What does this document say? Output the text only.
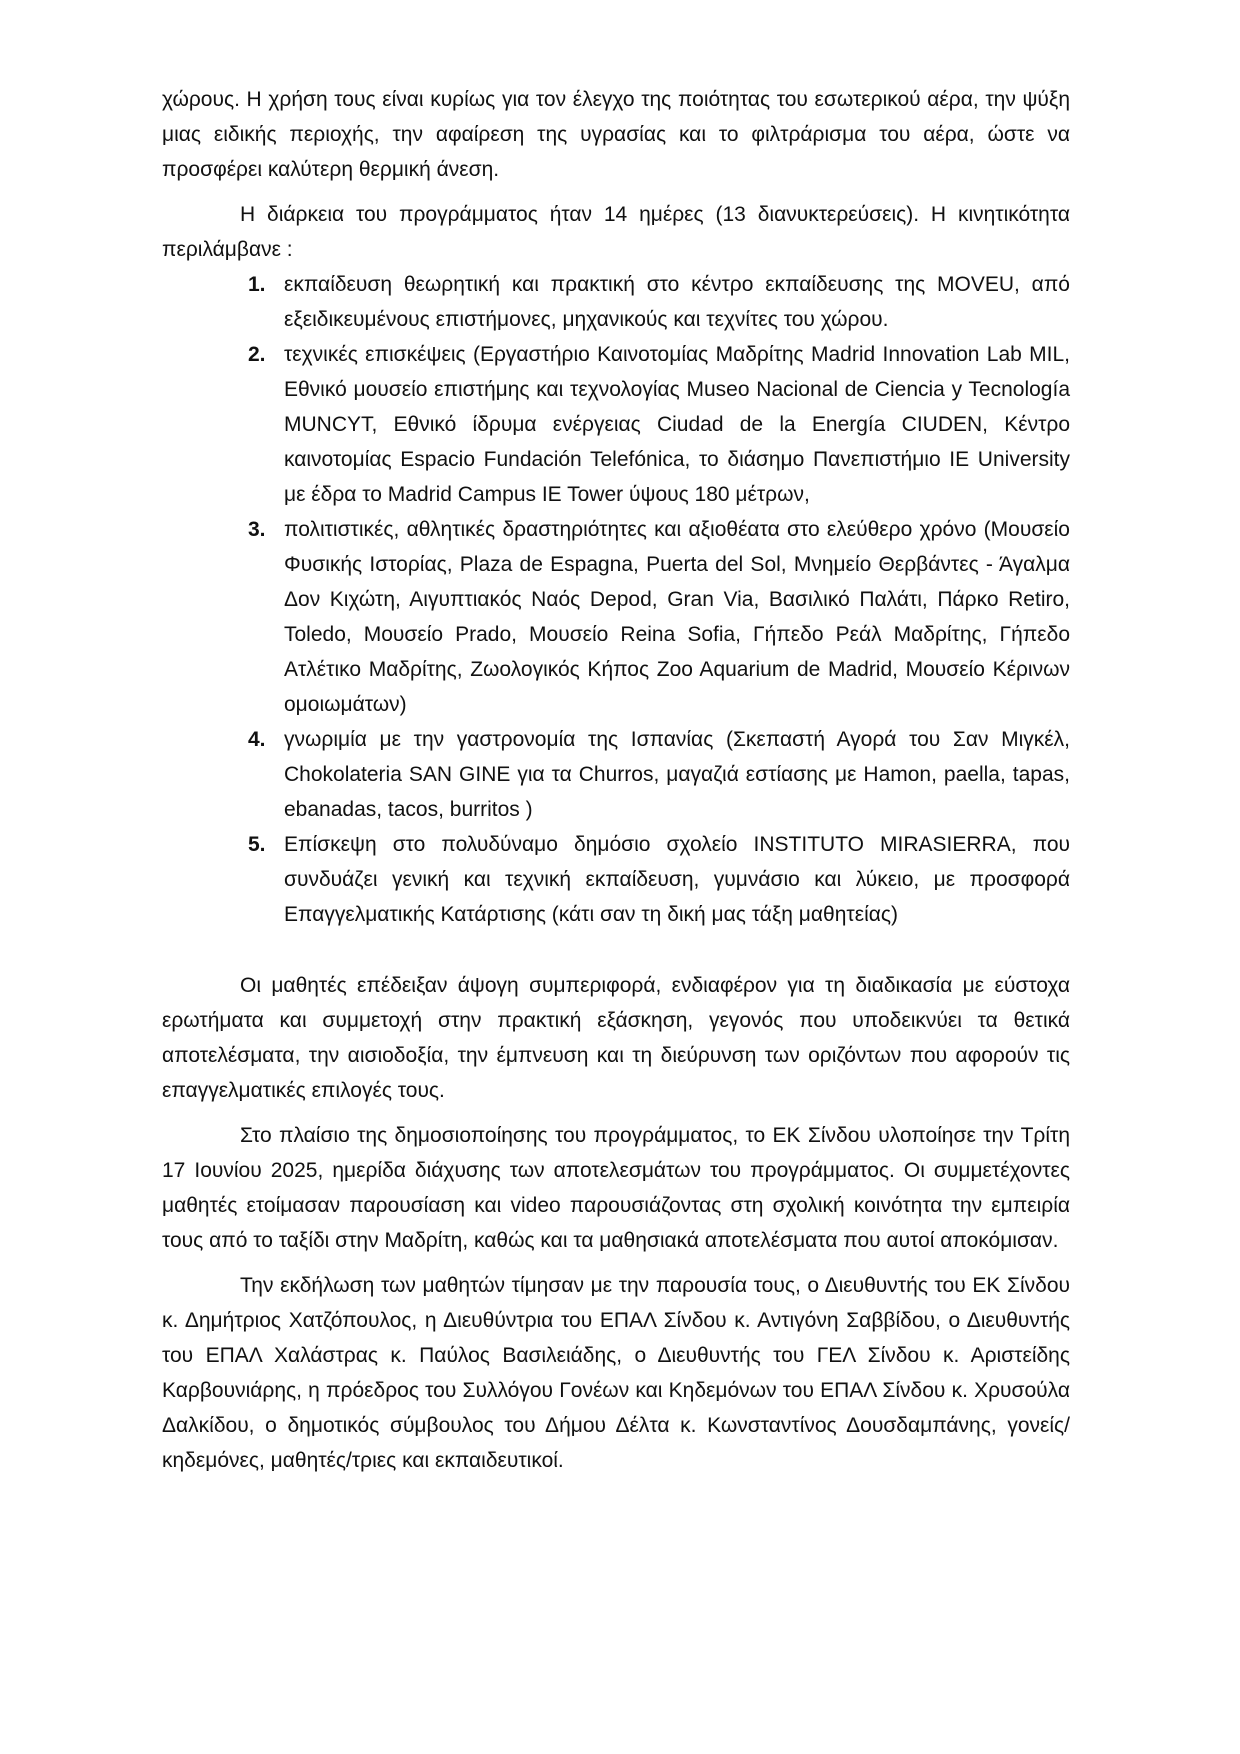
χώρους. Η χρήση τους είναι κυρίως για τον έλεγχο της ποιότητας του εσωτερικού αέρα, την ψύξη μιας ειδικής περιοχής, την αφαίρεση της υγρασίας και το φιλτράρισμα του αέρα, ώστε να προσφέρει καλύτερη θερμική άνεση.

Η διάρκεια του προγράμματος ήταν 14 ημέρες (13 διανυκτερεύσεις). Η κινητικότητα περιλάμβανε :

1. εκπαίδευση θεωρητική και πρακτική στο κέντρο εκπαίδευσης της MOVEU, από εξειδικευμένους επιστήμονες, μηχανικούς και τεχνίτες του χώρου.
2. τεχνικές επισκέψεις (Εργαστήριο Καινοτομίας Μαδρίτης Madrid Innovation Lab MIL, Εθνικό μουσείο επιστήμης και τεχνολογίας Museo Nacional de Ciencia y Tecnología MUNCYT, Εθνικό ίδρυμα ενέργειας Ciudad de la Energía CIUDEN, Κέντρο καινοτομίας Espacio Fundación Telefónica, το διάσημο Πανεπιστήμιο IE University με έδρα το Madrid Campus IE Tower ύψους 180 μέτρων,
3. πολιτιστικές, αθλητικές δραστηριότητες και αξιοθέατα στο ελεύθερο χρόνο (Μουσείο Φυσικής Ιστορίας, Plaza de Espagna, Puerta del Sol, Μνημείο Θερβάντες - Άγαλμα Δον Κιχώτη, Αιγυπτιακός Ναός Depod, Gran Via, Βασιλικό Παλάτι, Πάρκο Retiro, Toledo, Μουσείο Prado, Μουσείο Reina Sofia, Γήπεδο Ρεάλ Μαδρίτης, Γήπεδο Ατλέτικο Μαδρίτης, Ζωολογικός Κήπος Zoo Aquarium de Madrid, Μουσείο Κέρινων ομοιωμάτων)
4. γνωριμία με την γαστρονομία της Ισπανίας (Σκεπαστή Αγορά του Σαν Μιγκέλ, Chokolateria SAN GINE για τα Churros, μαγαζιά εστίασης με Hamon, paella, tapas, ebanadas, tacos, burritos )
5. Επίσκεψη στο πολυδύναμο δημόσιο σχολείο INSTITUTO MIRASIERRA, που συνδυάζει γενική και τεχνική εκπαίδευση, γυμνάσιο και λύκειο, με προσφορά Επαγγελματικής Κατάρτισης (κάτι σαν τη δική μας τάξη μαθητείας)

Οι μαθητές επέδειξαν άψογη συμπεριφορά, ενδιαφέρον για τη διαδικασία με εύστοχα ερωτήματα και συμμετοχή στην πρακτική εξάσκηση, γεγονός που υποδεικνύει τα θετικά αποτελέσματα, την αισιοδοξία, την έμπνευση και τη διεύρυνση των οριζόντων που αφορούν τις επαγγελματικές επιλογές τους.

Στο πλαίσιο της δημοσιοποίησης του προγράμματος, το ΕΚ Σίνδου υλοποίησε την Τρίτη 17 Ιουνίου 2025, ημερίδα διάχυσης των αποτελεσμάτων του προγράμματος. Οι συμμετέχοντες μαθητές ετοίμασαν παρουσίαση και video παρουσιάζοντας στη σχολική κοινότητα την εμπειρία τους από το ταξίδι στην Μαδρίτη, καθώς και τα μαθησιακά αποτελέσματα που αυτοί αποκόμισαν.

Την εκδήλωση των μαθητών τίμησαν με την παρουσία τους, ο Διευθυντής του ΕΚ Σίνδου κ. Δημήτριος Χατζόπουλος, η Διευθύντρια του ΕΠΑΛ Σίνδου κ. Αντιγόνη Σαββίδου, ο Διευθυντής του ΕΠΑΛ Χαλάστρας κ. Παύλος Βασιλειάδης, ο Διευθυντής του ΓΕΛ Σίνδου κ. Αριστείδης Καρβουνιάρης, η πρόεδρος του Συλλόγου Γονέων και Κηδεμόνων του ΕΠΑΛ Σίνδου κ. Χρυσούλα Δαλκίδου, ο δημοτικός σύμβουλος του Δήμου Δέλτα κ. Κωνσταντίνος Δουσδαμπάνης, γονείς/κηδεμόνες, μαθητές/τριες και εκπαιδευτικοί.
